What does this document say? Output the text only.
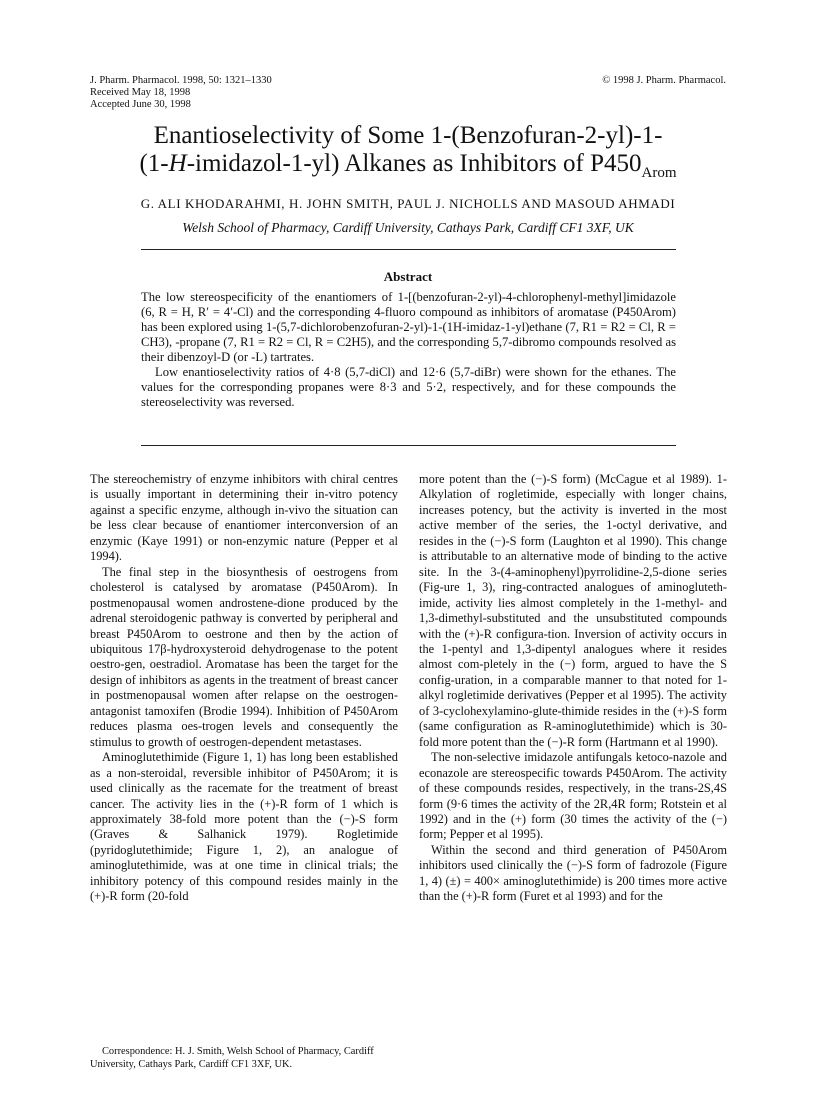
J. Pharm. Pharmacol. 1998, 50: 1321–1330
Received May 18, 1998
Accepted June 30, 1998
© 1998 J. Pharm. Pharmacol.
Enantioselectivity of Some 1-(Benzofuran-2-yl)-1-
(1-H-imidazol-1-yl) Alkanes as Inhibitors of $P450_{Arom}$
G. ALI KHODARAHMI, H. JOHN SMITH, PAUL J. NICHOLLS AND MASOUD AHMADI
Welsh School of Pharmacy, Cardiff University, Cathays Park, Cardiff CF1 3XF, UK
Abstract

The low stereospecificity of the enantiomers of 1-[(benzofuran-2-yl)-4-chlorophenyl-methyl]imidazole (6, R = H, R′ = 4′-Cl) and the corresponding 4-fluoro compound as inhibitors of aromatase (P450Arom) has been explored using 1-(5,7-dichlorobenzofuran-2-yl)-1-(1H-imidaz-1-yl)ethane (7, R1 = R2 = Cl, R = CH3), -propane (7, R1 = R2 = Cl, R = C2H5), and the corresponding 5,7-dibromo compounds resolved as their dibenzoyl-D (or -L) tartrates.

Low enantioselectivity ratios of 4·8 (5,7-diCl) and 12·6 (5,7-diBr) were shown for the ethanes. The values for the corresponding propanes were 8·3 and 5·2, respectively, and for these compounds the stereoselectivity was reversed.

The stereochemistry of enzyme inhibitors with chiral centres is usually important in determining their in-vitro potency against a specific enzyme, although in-vivo the situation can be less clear because of enantiomer interconversion of an enzymic (Kaye 1991) or non-enzymic nature (Pepper et al 1994).

The final step in the biosynthesis of oestrogens from cholesterol is catalysed by aromatase (P450Arom). In postmenopausal women androstene-dione produced by the adrenal steroidogenic pathway is converted by peripheral and breast P450Arom to oestrone and then by the action of ubiquitous 17β-hydroxysteroid dehydrogenase to the potent oestro-gen, oestradiol. Aromatase has been the target for the design of inhibitors as agents in the treatment of breast cancer in postmenopausal women after relapse on the oestrogen-antagonist tamoxifen (Brodie 1994). Inhibition of P450Arom reduces plasma oes-trogen levels and consequently the stimulus to growth of oestrogen-dependent metastases.

Aminoglutethimide (Figure 1, 1) has long been established as a non-steroidal, reversible inhibitor of P450Arom; it is used clinically as the racemate for the treatment of breast cancer. The activity lies in the (+)-R form of 1 which is approximately 38-fold more potent than the (−)-S form (Graves & Salhanick 1979). Rogletimide (pyridoglutethimide; Figure 1, 2), an analogue of aminoglutethimide, was at one time in clinical trials; the inhibitory potency of this compound resides mainly in the (+)-R form (20-fold

more potent than the (−)-S form) (McCague et al 1989). 1-Alkylation of rogletimide, especially with longer chains, increases potency, but the activity is inverted in the most active member of the series, the 1-octyl derivative, and resides in the (−)-S form (Laughton et al 1990). This change is attributable to an alternative mode of binding to the active site. In the 3-(4-aminophenyl)pyrrolidine-2,5-dione series (Fig-ure 1, 3), ring-contracted analogues of aminogluteth-imide, activity lies almost completely in the 1-methyl- and 1,3-dimethyl-substituted and the unsubstituted compounds with the (+)-R configura-tion. Inversion of activity occurs in the 1-pentyl and 1,3-dipentyl analogues where it resides almost com-pletely in the (−) form, argued to have the S config-uration, in a comparable manner to that noted for 1-alkyl rogletimide derivatives (Pepper et al 1995). The activity of 3-cyclohexylamino-glute-thimide resides in the (+)-S form (same configuration as R-aminoglutethimide) which is 30-fold more potent than the (−)-R form (Hartmann et al 1990).

The non-selective imidazole antifungals ketoco-nazole and econazole are stereospecific towards P450Arom. The activity of these compounds resides, respectively, in the trans-2S,4S form (9·6 times the activity of the 2R,4R form; Rotstein et al 1992) and in the (+) form (30 times the activity of the (−) form; Pepper et al 1995).

Within the second and third generation of P450Arom inhibitors used clinically the (−)-S form of fadrozole (Figure 1, 4) (±) = 400× aminoglutethimide) is 200 times more active than the (+)-R form (Furet et al 1993) and for the

Correspondence: H. J. Smith, Welsh School of Pharmacy, Cardiff University, Cathays Park, Cardiff CF1 3XF, UK.
